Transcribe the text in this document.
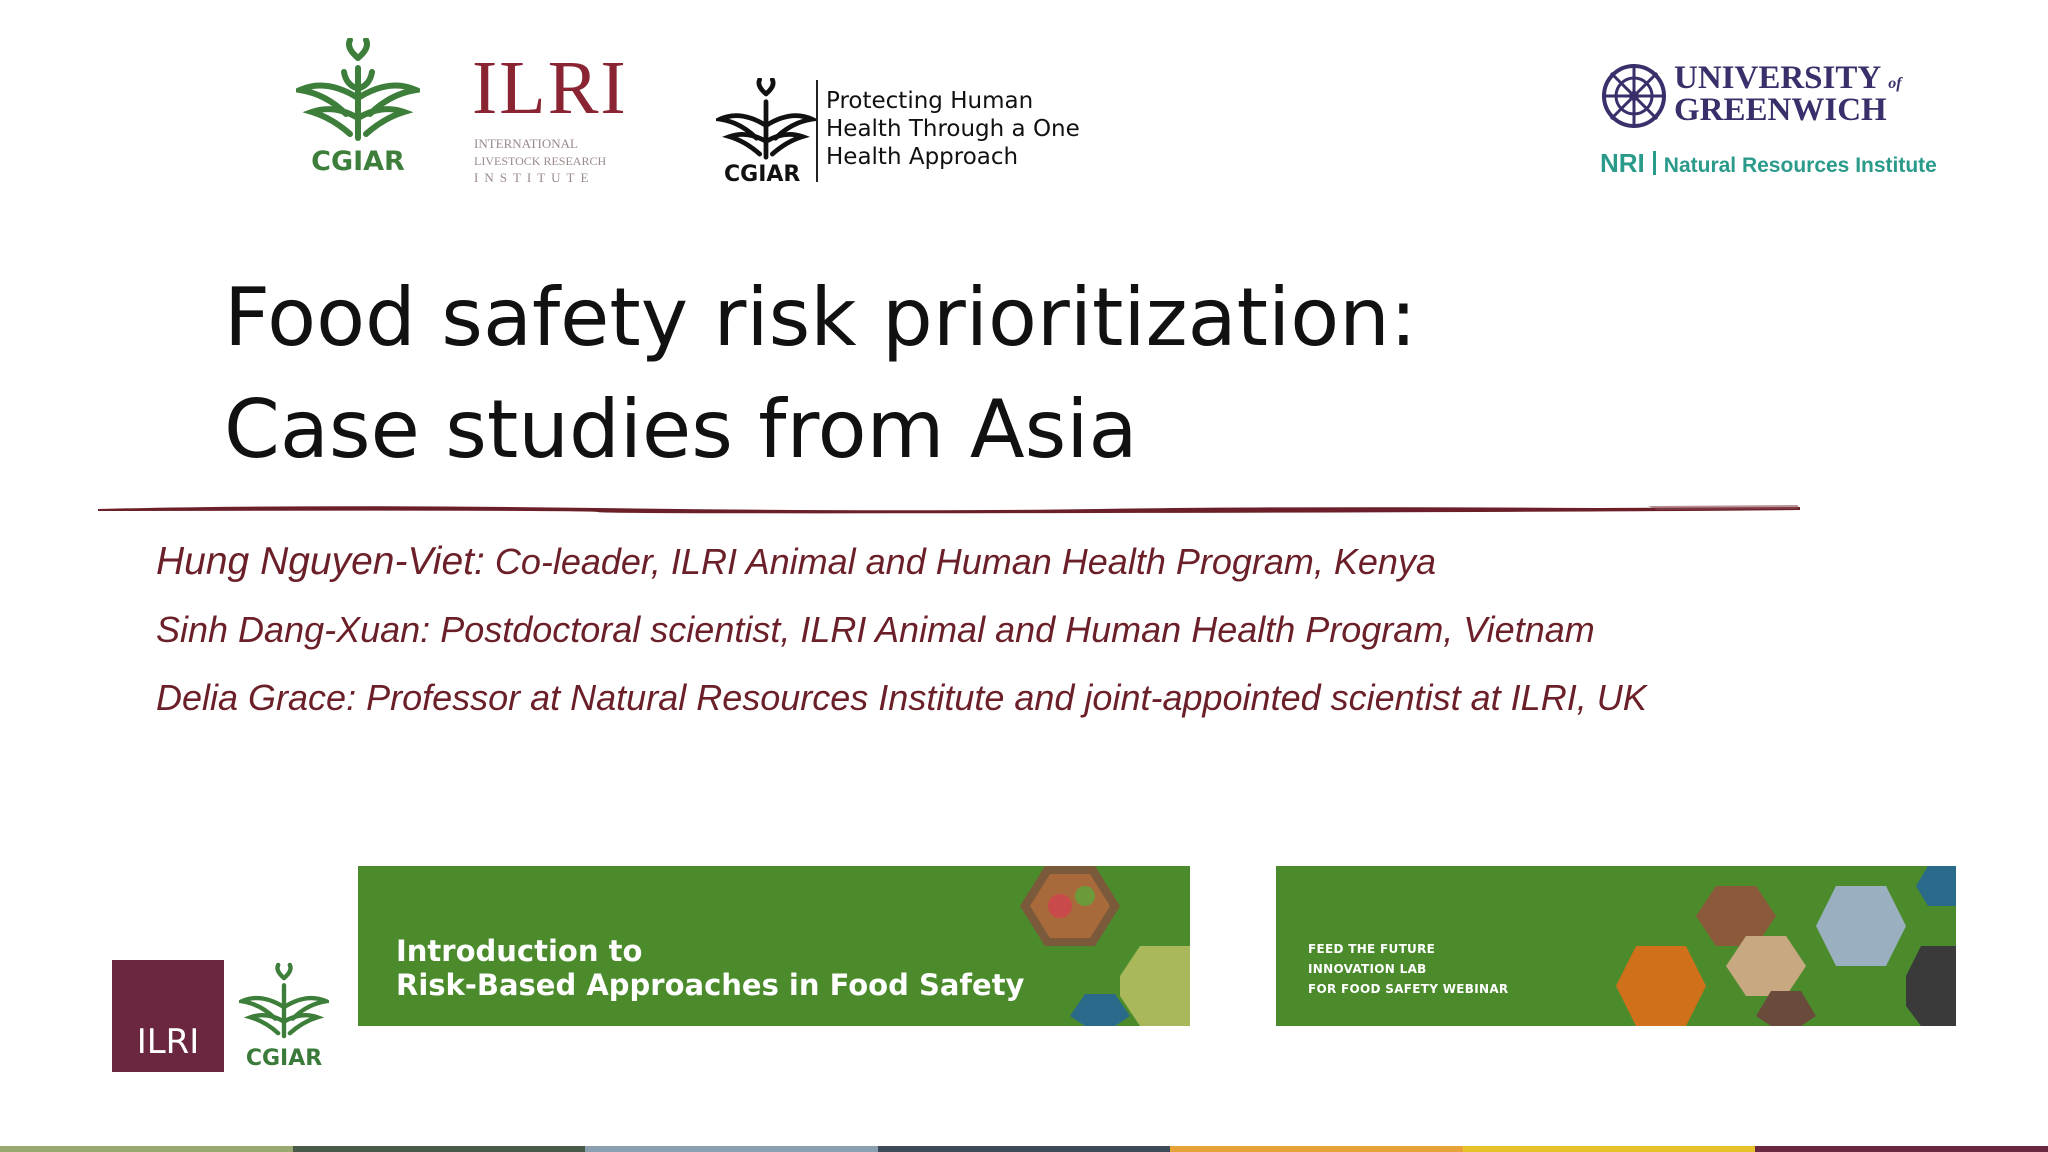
CGIAR
ILRI
INTERNATIONAL
LIVESTOCK RESEARCH
INSTITUTE	CGIAR
Protecting Human
Health Through a One
Health Approach
UNIVERSITY of
GREENWICH
NRI Natural Resources Institute
Food safety risk prioritization:
Case studies from Asia
Hung Nguyen-Viet: Co-leader, ILRI Animal and Human Health Program, Kenya
Sinh Dang-Xuan: Postdoctoral scientist, ILRI Animal and Human Health Program, Vietnam
Delia Grace: Professor at Natural Resources Institute and joint-appointed scientist at ILRI, UK
ILRI	CGIAR
Introduction to
Risk-Based Approaches in Food Safety
FEED THE FUTURE
INNOVATION LAB
FOR FOOD SAFETY WEBINAR
